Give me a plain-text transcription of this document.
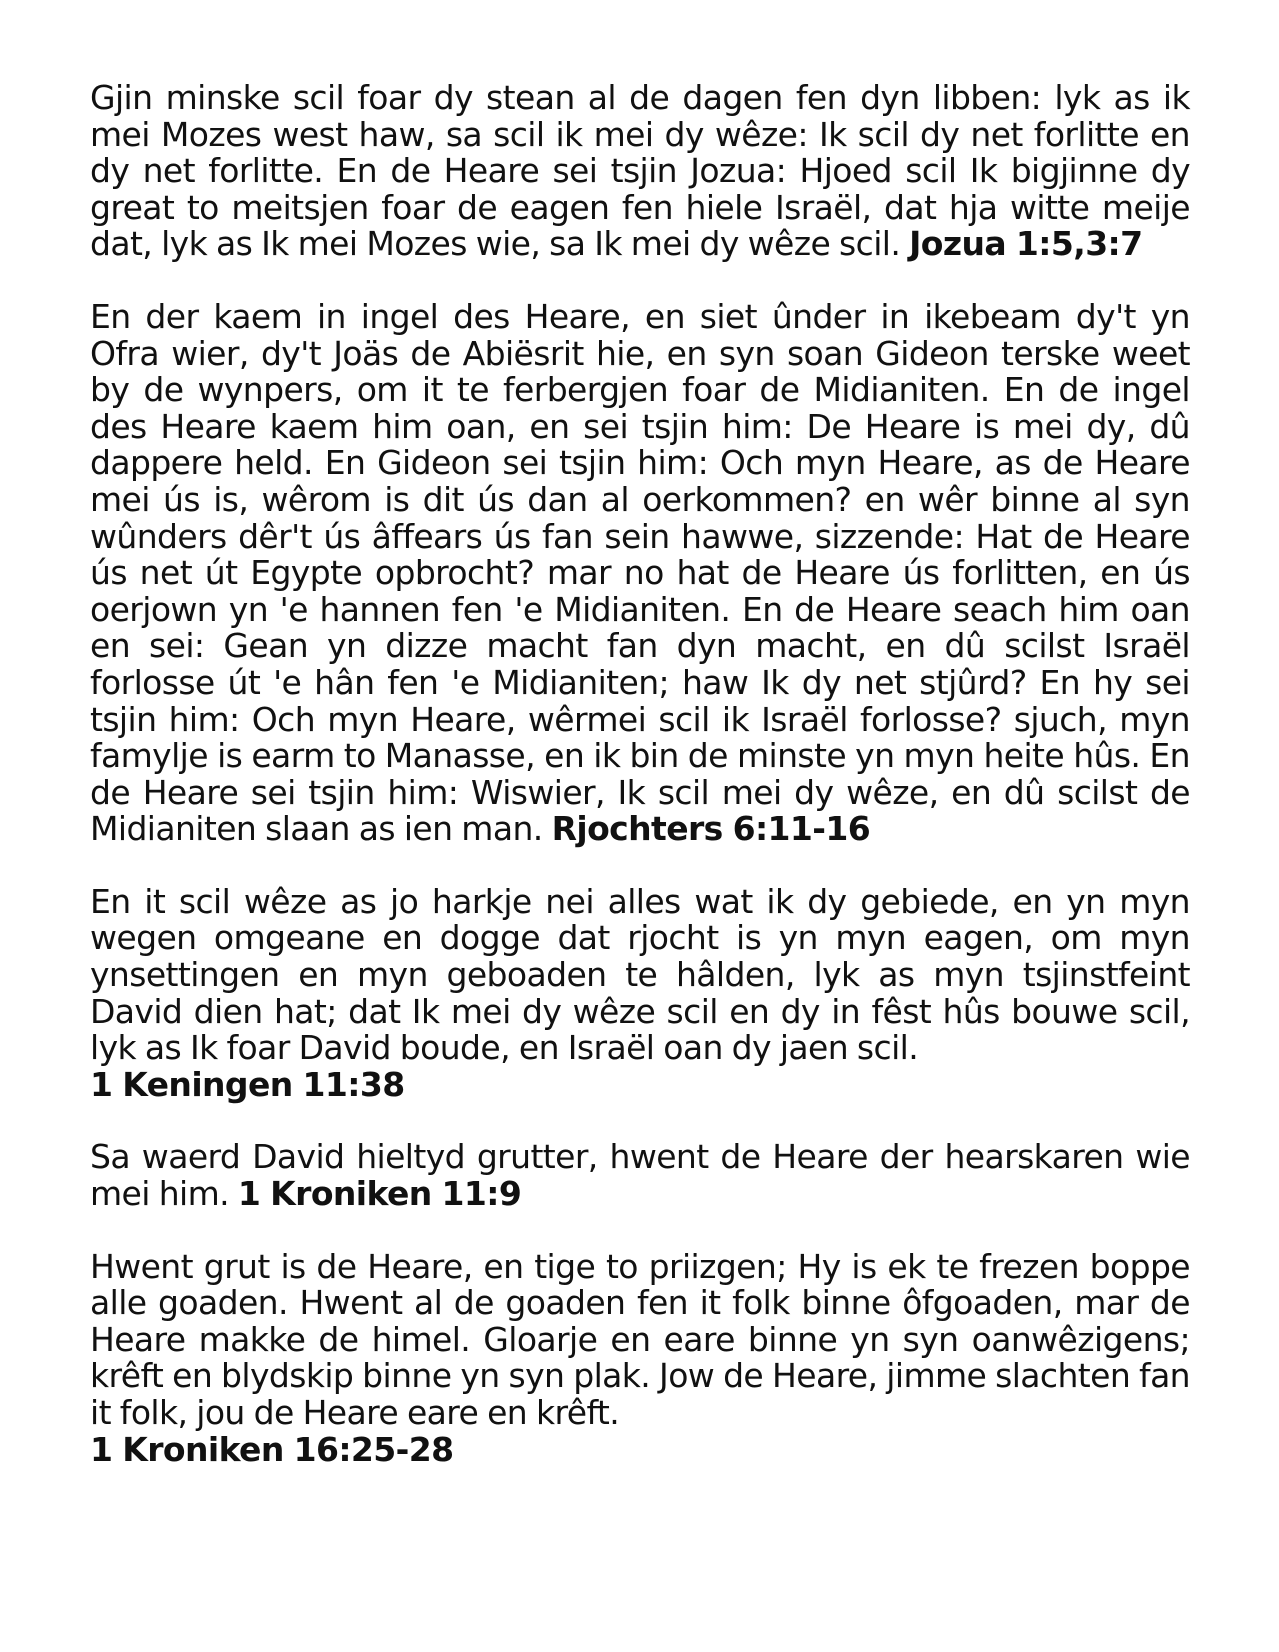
Gjin minske scil foar dy stean al de dagen fen dyn libben: lyk as ik mei Mozes west haw, sa scil ik mei dy wêze: Ik scil dy net forlitte en dy net forlitte. En de Heare sei tsjin Jozua: Hjoed scil Ik bigjinne dy great to meitsjen foar de eagen fen hiele Israël, dat hja witte meije dat, lyk as Ik mei Mozes wie, sa Ik mei dy wêze scil. Jozua 1:5,3:7

En der kaem in ingel des Heare, en siet ûnder in ikebeam dy't yn Ofra wier, dy't Joäs de Abiësrit hie, en syn soan Gideon terske weet by de wynpers, om it te ferbergjen foar de Midianiten. En de ingel des Heare kaem him oan, en sei tsjin him: De Heare is mei dy, dû dappere held. En Gideon sei tsjin him: Och myn Heare, as de Heare mei ús is, wêrom is dit ús dan al oerkommen? en wêr binne al syn wûnders dêr't ús âffears ús fan sein hawwe, sizzende: Hat de Heare ús net út Egypte opbrocht? mar no hat de Heare ús forlitten, en ús oerjown yn 'e hannen fen 'e Midianiten. En de Heare seach him oan en sei: Gean yn dizze macht fan dyn macht, en dû scilst Israël forlosse út 'e hân fen 'e Midianiten; haw Ik dy net stjûrd? En hy sei tsjin him: Och myn Heare, wêrmei scil ik Israël forlosse? sjuch, myn famylje is earm to Manasse, en ik bin de minste yn myn heite hûs. En de Heare sei tsjin him: Wiswier, Ik scil mei dy wêze, en dû scilst de Midianiten slaan as ien man. Rjochters 6:11-16

En it scil wêze as jo harkje nei alles wat ik dy gebiede, en yn myn wegen omgeane en dogge dat rjocht is yn myn eagen, om myn ynsettingen en myn geboaden te hâlden, lyk as myn tsjinstfeint David dien hat; dat Ik mei dy wêze scil en dy in fêst hûs bouwe scil, lyk as Ik foar David boude, en Israël oan dy jaen scil.
1 Keningen 11:38

Sa waerd David hieltyd grutter, hwent de Heare der hearskaren wie mei him. 1 Kroniken 11:9

Hwent grut is de Heare, en tige to priizgen; Hy is ek te frezen boppe alle goaden. Hwent al de goaden fen it folk binne ôfgoaden, mar de Heare makke de himel. Gloarje en eare binne yn syn oanwêzigens; krêft en blydskip binne yn syn plak. Jow de Heare, jimme slachten fan it folk, jou de Heare eare en krêft.
1 Kroniken 16:25-28
